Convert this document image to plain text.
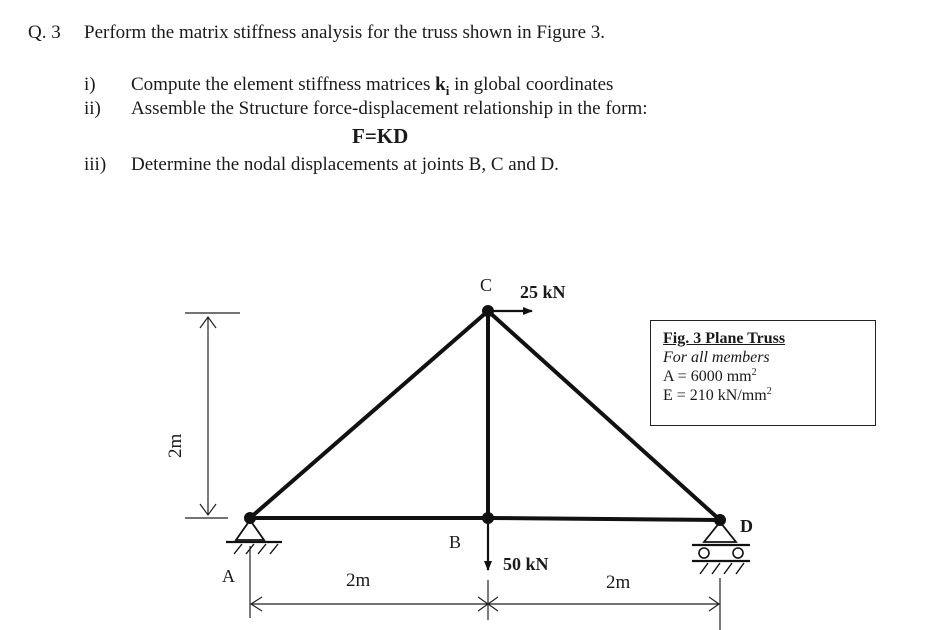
Q. 3 Perform the matrix stiffness analysis for the truss shown in Figure 3.
i) Compute the element stiffness matrices $k_i$ in global coordinates
ii) Assemble the Structure force-displacement relationship in the form:
F=KD
iii) Determine the nodal displacements at joints B, C and D.
2m
2m	2m
A
B
C
D
25 kN
50 kN
Fig. 3 Plane Truss
For all members
A = 6000 $mm^2$
E = 210 $kN/mm^2$
